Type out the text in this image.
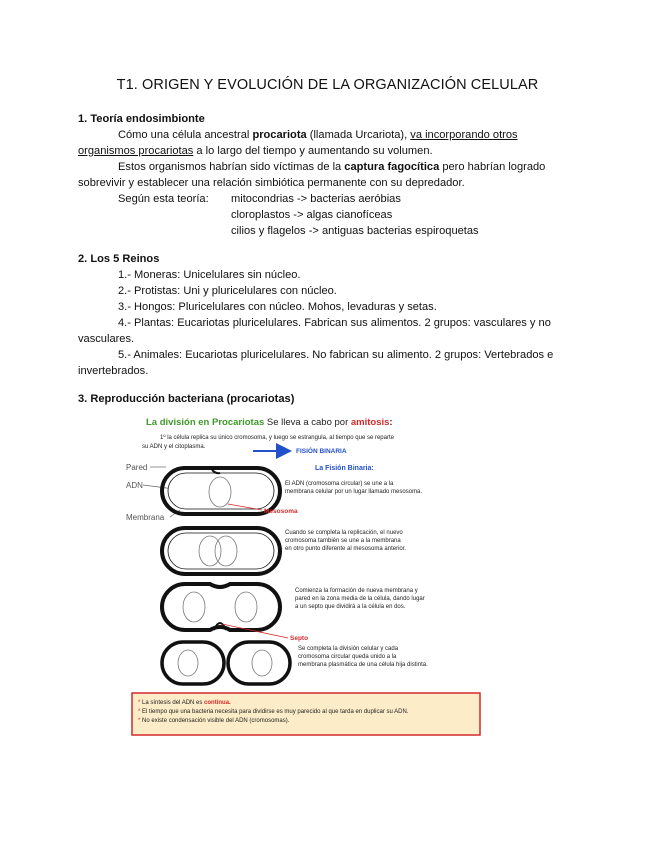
T1. ORIGEN Y EVOLUCIÓN DE LA ORGANIZACIÓN CELULAR

1. Teoría endosimbionte

Cómo una célula ancestral procariota (llamada Urcariota), va incorporando otros
organismos procariotas a lo largo del tiempo y aumentando su volumen.

Estos organismos habrían sido víctimas de la captura fagocítica pero habrían logrado sobrevivir y establecer una relación simbiótica permanente con su depredador.

Según esta teoría: mitocondrias -> bacterias aeróbias
cloroplastos -> algas cianofíceas
cilios y flagelos -> antiguas bacterias espiroquetas

2. Los 5 Reinos

1.- Moneras: Unicelulares sin núcleo.

2.- Protistas: Uni y pluricelulares con núcleo.

3.- Hongos: Pluricelulares con núcleo. Mohos, levaduras y setas.

4.- Plantas: Eucariotas pluricelulares. Fabrican sus alimentos. 2 grupos: vasculares y no vasculares.

5.- Animales: Eucariotas pluricelulares. No fabrican su alimento. 2 grupos: Vertebrados e invertebrados.

3. Reproducción bacteriana (procariotas)

La división en Procariotas Se lleva a cabo por amitosis:
1º la célula replica su único cromosoma, y luego se estrangula, al tiempo que se reparte
su ADN y el citoplasma.
FISIÓN BINARIA
Pared
ADN
Membrana
Mesosoma
La Fisión Binaria:
El ADN (cromosoma circular) se une a la membrana celular por un lugar llamado mesosoma.
Cuando se completa la replicación, el nuevo cromosoma también se une a la membrana en otro punto diferente al mesosoma anterior.
Septo
Comienza la formación de nueva membrana y pared en la zona media de la célula, dando lugar a un septo que dividirá a la célula en dos.
Se completa la división celular y cada cromosoma circular queda unido a la membrana plasmática de una célula hija distinta.
* La síntesis del ADN es continua.
* El tiempo que una bacteria necesita para dividirse es muy parecido al que tarda en duplicar su ADN.
* No existe condensación visible del ADN (cromosomas).
